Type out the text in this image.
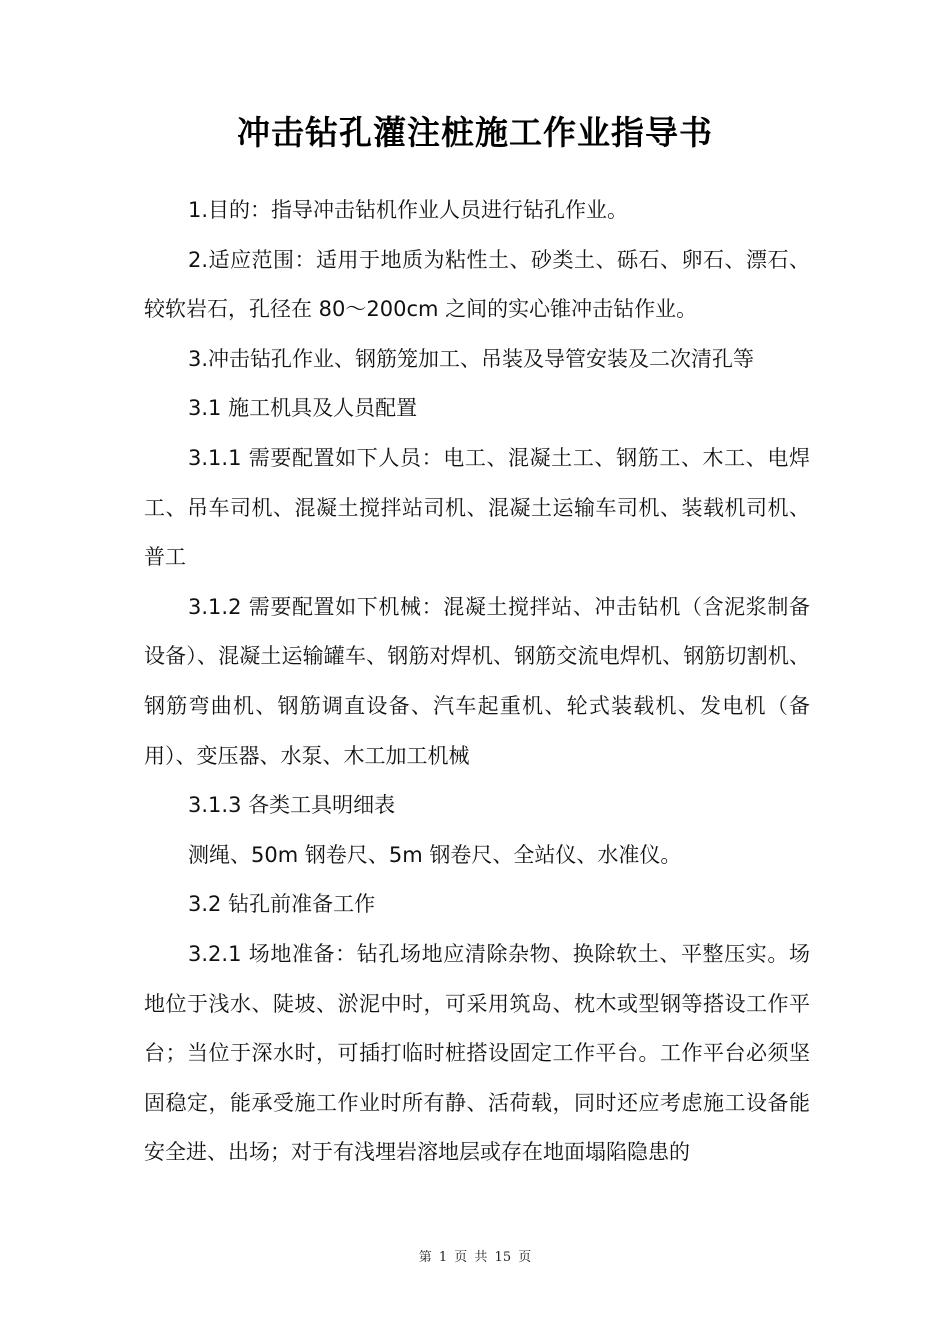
冲击钻孔灌注桩施工作业指导书

1.目的：指导冲击钻机作业人员进行钻孔作业。

2.适应范围：适用于地质为粘性土、砂类土、砾石、卵石、漂石、较软岩石，孔径在 80～200cm 之间的实心锥冲击钻作业。

3.冲击钻孔作业、钢筋笼加工、吊装及导管安装及二次清孔等

3.1 施工机具及人员配置

3.1.1 需要配置如下人员：电工、混凝土工、钢筋工、木工、电焊工、吊车司机、混凝土搅拌站司机、混凝土运输车司机、装载机司机、普工

3.1.2 需要配置如下机械：混凝土搅拌站、冲击钻机（含泥浆制备设备）、混凝土运输罐车、钢筋对焊机、钢筋交流电焊机、钢筋切割机、钢筋弯曲机、钢筋调直设备、汽车起重机、轮式装载机、发电机（备用）、变压器、水泵、木工加工机械

3.1.3 各类工具明细表

测绳、50m 钢卷尺、5m 钢卷尺、全站仪、水准仪。

3.2 钻孔前准备工作

3.2.1 场地准备：钻孔场地应清除杂物、换除软土、平整压实。场地位于浅水、陡坡、淤泥中时，可采用筑岛、枕木或型钢等搭设工作平台；当位于深水时，可插打临时桩搭设固定工作平台。工作平台必须坚固稳定，能承受施工作业时所有静、活荷载，同时还应考虑施工设备能安全进、出场；对于有浅埋岩溶地层或存在地面塌陷隐患的

第 1 页 共 15 页
